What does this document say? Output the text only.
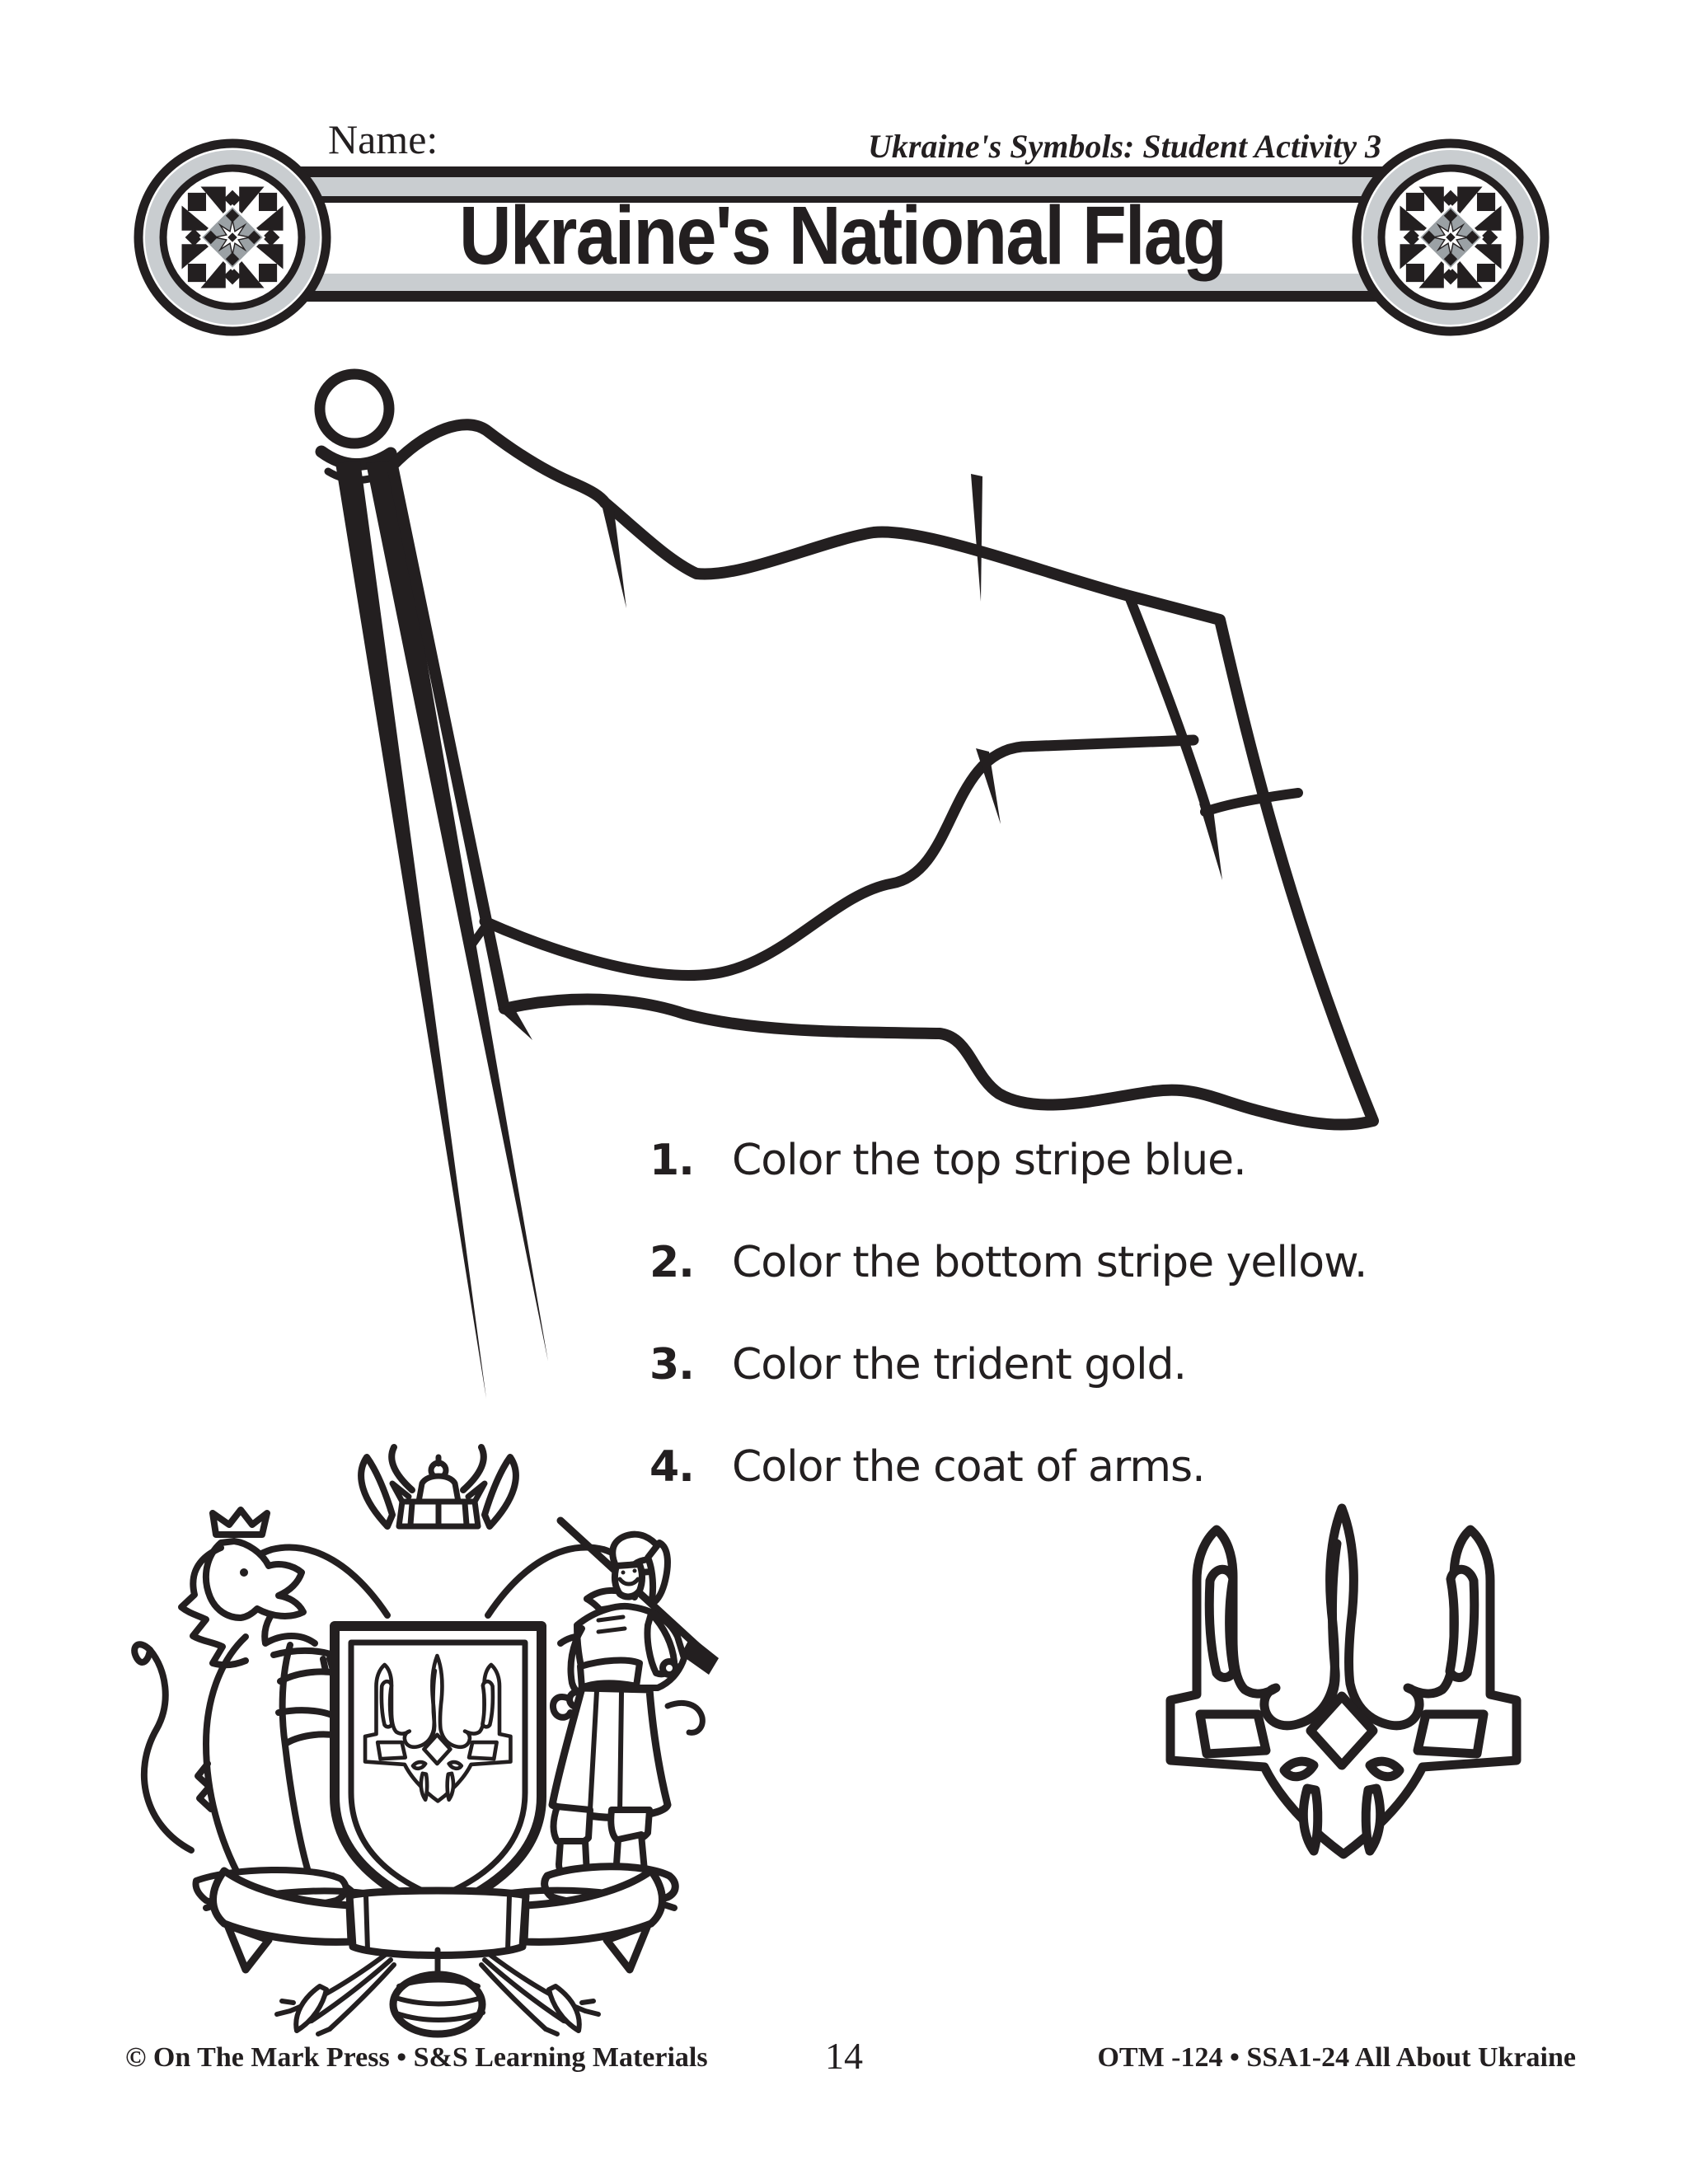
Ukraine's National Flag
Name:	Ukraine's Symbols: Student Activity 3
1. Color the top stripe blue.
2. Color the bottom stripe yellow.
3. Color the trident gold.
4. Color the coat of arms.
© On The Mark Press • S&S Learning Materials	14	OTM -124 • SSA1-24 All About Ukraine
